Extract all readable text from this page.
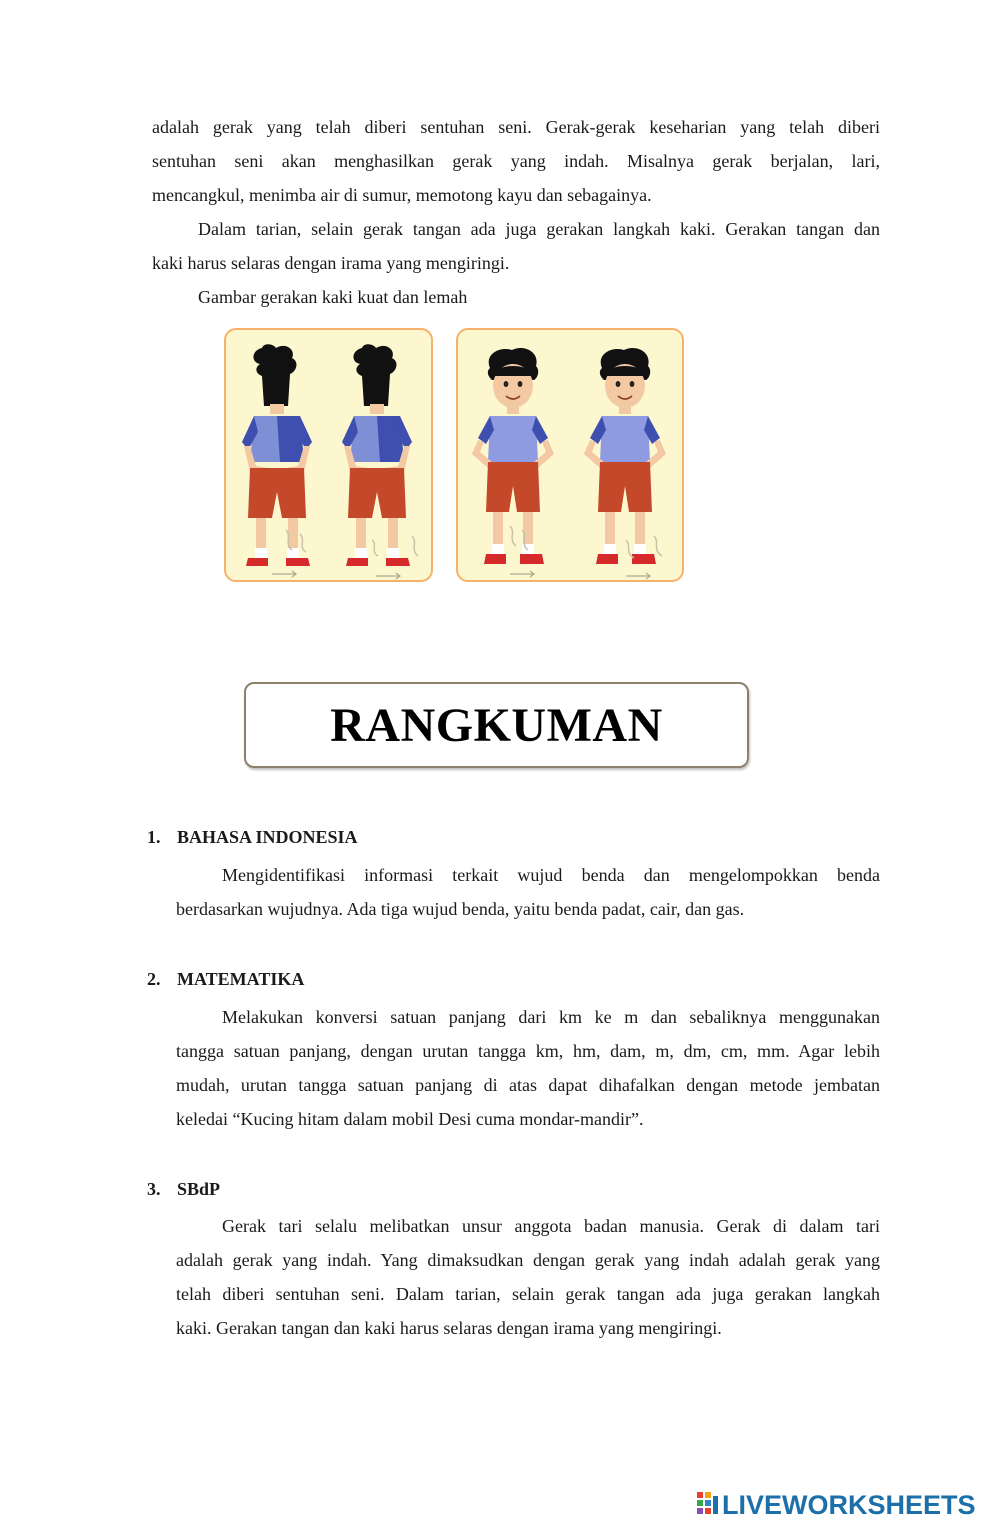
adalah gerak yang telah diberi sentuhan seni. Gerak-gerak keseharian yang telah diberi
sentuhan seni akan menghasilkan gerak yang indah. Misalnya gerak berjalan, lari,
mencangkul, menimba air di sumur, memotong kayu dan sebagainya.

Dalam tarian, selain gerak tangan ada juga gerakan langkah kaki. Gerakan tangan dan
kaki harus selaras dengan irama yang mengiringi.

Gambar gerakan kaki kuat dan lemah

RANGKUMAN
1. BAHASA INDONESIA

Mengidentifikasi informasi terkait wujud benda dan mengelompokkan benda
berdasarkan wujudnya. Ada tiga wujud benda, yaitu benda padat, cair, dan gas.

2. MATEMATIKA

Melakukan konversi satuan panjang dari km ke m dan sebaliknya menggunakan
tangga satuan panjang, dengan urutan tangga km, hm, dam, m, dm, cm, mm. Agar lebih
mudah, urutan tangga satuan panjang di atas dapat dihafalkan dengan metode jembatan
keledai “Kucing hitam dalam mobil Desi cuma mondar-mandir”.

3. SBdP

Gerak tari selalu melibatkan unsur anggota badan manusia. Gerak di dalam tari
adalah gerak yang indah. Yang dimaksudkan dengan gerak yang indah adalah gerak yang
telah diberi sentuhan seni. Dalam tarian, selain gerak tangan ada juga gerakan langkah
kaki. Gerakan tangan dan kaki harus selaras dengan irama yang mengiringi.

LIVEWORKSHEETS
